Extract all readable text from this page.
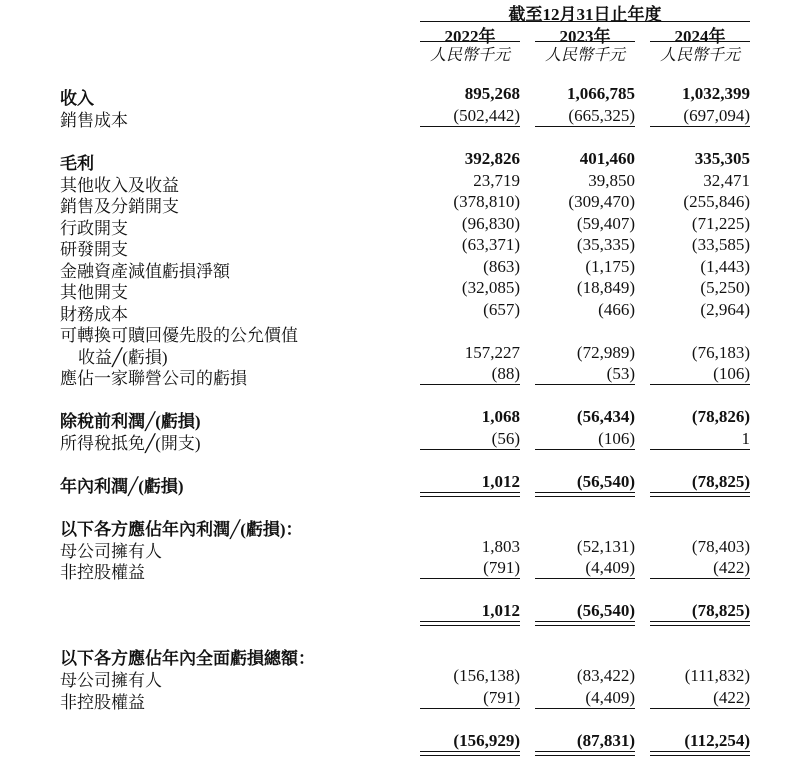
截至12月31日止年度
2022年	2023年	2024年
人民幣千元	人民幣千元	人民幣千元
收入	895,268	1,066,785	1,032,399
銷售成本	(502,442)	(665,325)	(697,094)
毛利	392,826	401,460	335,305
其他收入及收益	23,719	39,850	32,471
銷售及分銷開支	(378,810)	(309,470)	(255,846)
行政開支	(96,830)	(59,407)	(71,225)
研發開支	(63,371)	(35,335)	(33,585)
金融資產減值虧損淨額	(863)	(1,175)	(1,443)
其他開支	(32,085)	(18,849)	(5,250)
財務成本	(657)	(466)	(2,964)
可轉換可贖回優先股的公允價值
收益╱(虧損)	157,227	(72,989)	(76,183)
應佔一家聯營公司的虧損	(88)	(53)	(106)
除稅前利潤╱(虧損)	1,068	(56,434)	(78,826)
所得稅抵免╱(開支)	(56)	(106)	1
年內利潤╱(虧損)	1,012	(56,540)	(78,825)
以下各方應佔年內利潤╱(虧損)：
母公司擁有人	1,803	(52,131)	(78,403)
非控股權益	(791)	(4,409)	(422)
1,012	(56,540)	(78,825)
以下各方應佔年內全面虧損總額：
母公司擁有人	(156,138)	(83,422)	(111,832)
非控股權益	(791)	(4,409)	(422)
(156,929)	(87,831)	(112,254)
